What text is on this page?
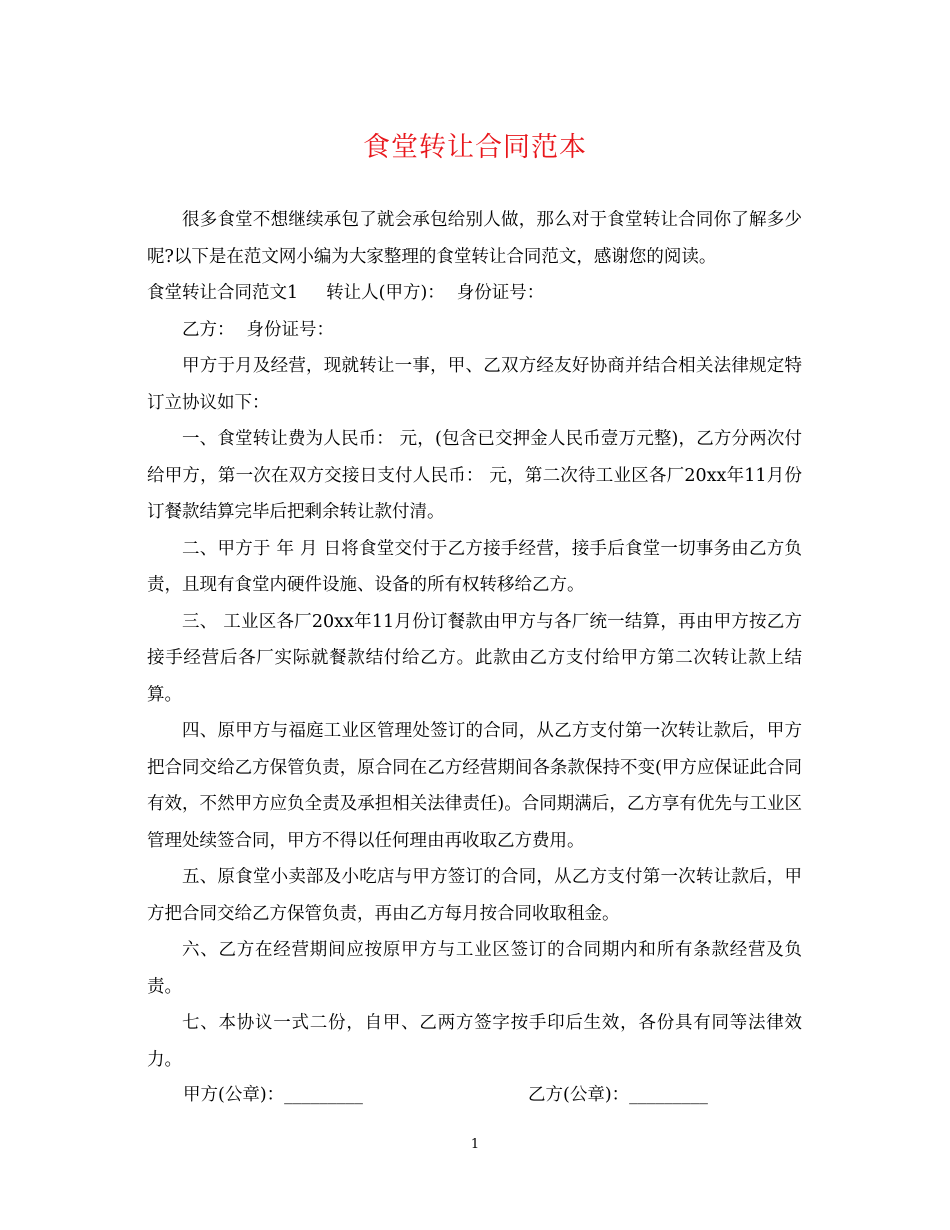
食堂转让合同范本

很多食堂不想继续承包了就会承包给别人做，那么对于食堂转让合同你了解多少呢?以下是在范文网小编为大家整理的食堂转让合同范文，感谢您的阅读。

食堂转让合同范文1 转让人(甲方)： 身份证号：

乙方： 身份证号：

甲方于月及经营，现就转让一事，甲、乙双方经友好协商并结合相关法律规定特订立协议如下：

一、食堂转让费为人民币： 元，(包含已交押金人民币壹万元整)，乙方分两次付给甲方，第一次在双方交接日支付人民币： 元，第二次待工业区各厂20xx年11月份订餐款结算完毕后把剩余转让款付清。

二、甲方于 年 月 日将食堂交付于乙方接手经营，接手后食堂一切事务由乙方负责，且现有食堂内硬件设施、设备的所有权转移给乙方。

三、 工业区各厂20xx年11月份订餐款由甲方与各厂统一结算，再由甲方按乙方接手经营后各厂实际就餐款结付给乙方。此款由乙方支付给甲方第二次转让款上结算。

四、原甲方与福庭工业区管理处签订的合同，从乙方支付第一次转让款后，甲方把合同交给乙方保管负责，原合同在乙方经营期间各条款保持不变(甲方应保证此合同有效，不然甲方应负全责及承担相关法律责任)。合同期满后，乙方享有优先与工业区管理处续签合同，甲方不得以任何理由再收取乙方费用。

五、原食堂小卖部及小吃店与甲方签订的合同，从乙方支付第一次转让款后，甲方把合同交给乙方保管负责，再由乙方每月按合同收取租金。

六、乙方在经营期间应按原甲方与工业区签订的合同期内和所有条款经营及负责。

七、本协议一式二份，自甲、乙两方签字按手印后生效，各份具有同等法律效力。

甲方(公章)：_________	乙方(公章)：_________
1
